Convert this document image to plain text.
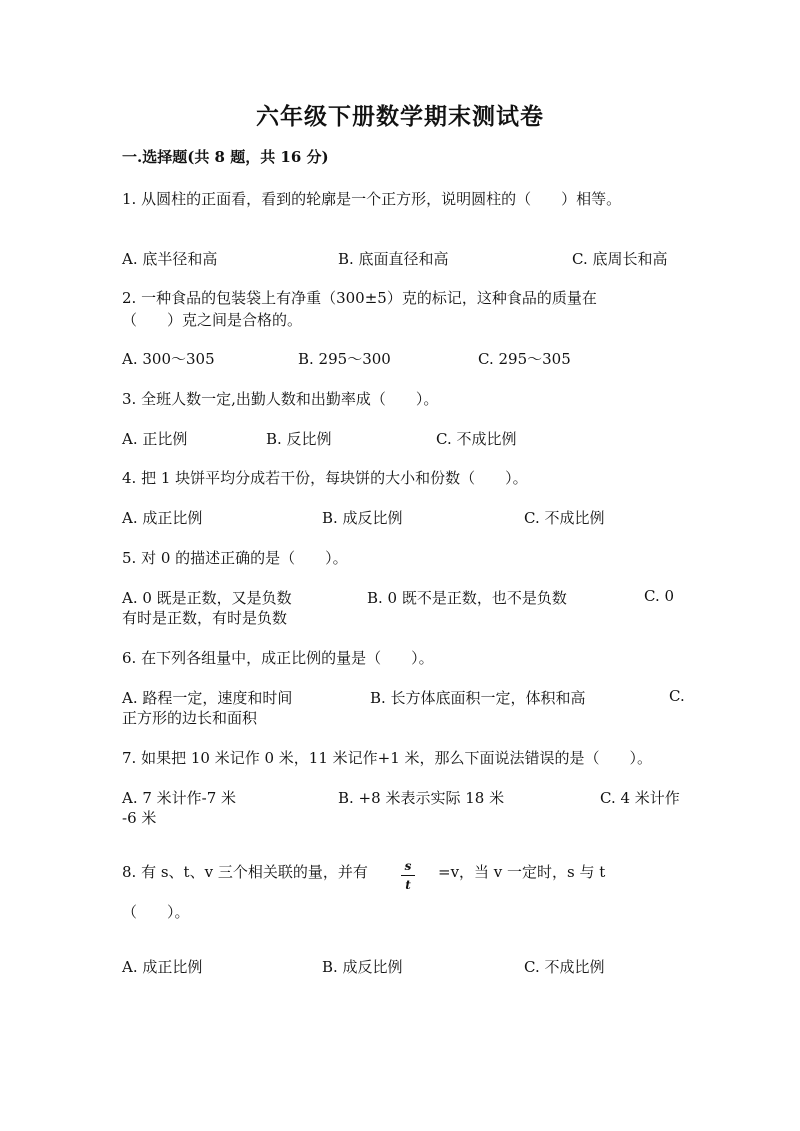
六年级下册数学期末测试卷
一.选择题(共 8 题，共 16 分)
1. 从圆柱的正面看，看到的轮廓是一个正方形，说明圆柱的（　　）相等。
A. 底半径和高	B. 底面直径和高	C. 底周长和高
2. 一种食品的包装袋上有净重（300±5）克的标记，这种食品的质量在
（　　）克之间是合格的。
A. 300～305	B. 295～300	C. 295～305
3. 全班人数一定,出勤人数和出勤率成（　　）。
A. 正比例	B. 反比例	C. 不成比例
4. 把 1 块饼平均分成若干份，每块饼的大小和份数（　　）。
A. 成正比例	B. 成反比例	C. 不成比例
5. 对 0 的描述正确的是（　　）。
A. 0 既是正数，又是负数	B. 0 既不是正数，也不是负数	C. 0
有时是正数，有时是负数
6. 在下列各组量中，成正比例的量是（　　）。
A. 路程一定，速度和时间	B. 长方体底面积一定，体积和高	C.
正方形的边长和面积
7. 如果把 10 米记作 0 米，11 米记作+1 米，那么下面说法错误的是（　　）。
A. 7 米计作-7 米	B. +8 米表示实际 18 米	C. 4 米计作
-6 米
8. 有 s、t、v 三个相关联的量，并有	s
t
=v，当 v 一定时，s 与 t
（　　）。
A. 成正比例	B. 成反比例	C. 不成比例
